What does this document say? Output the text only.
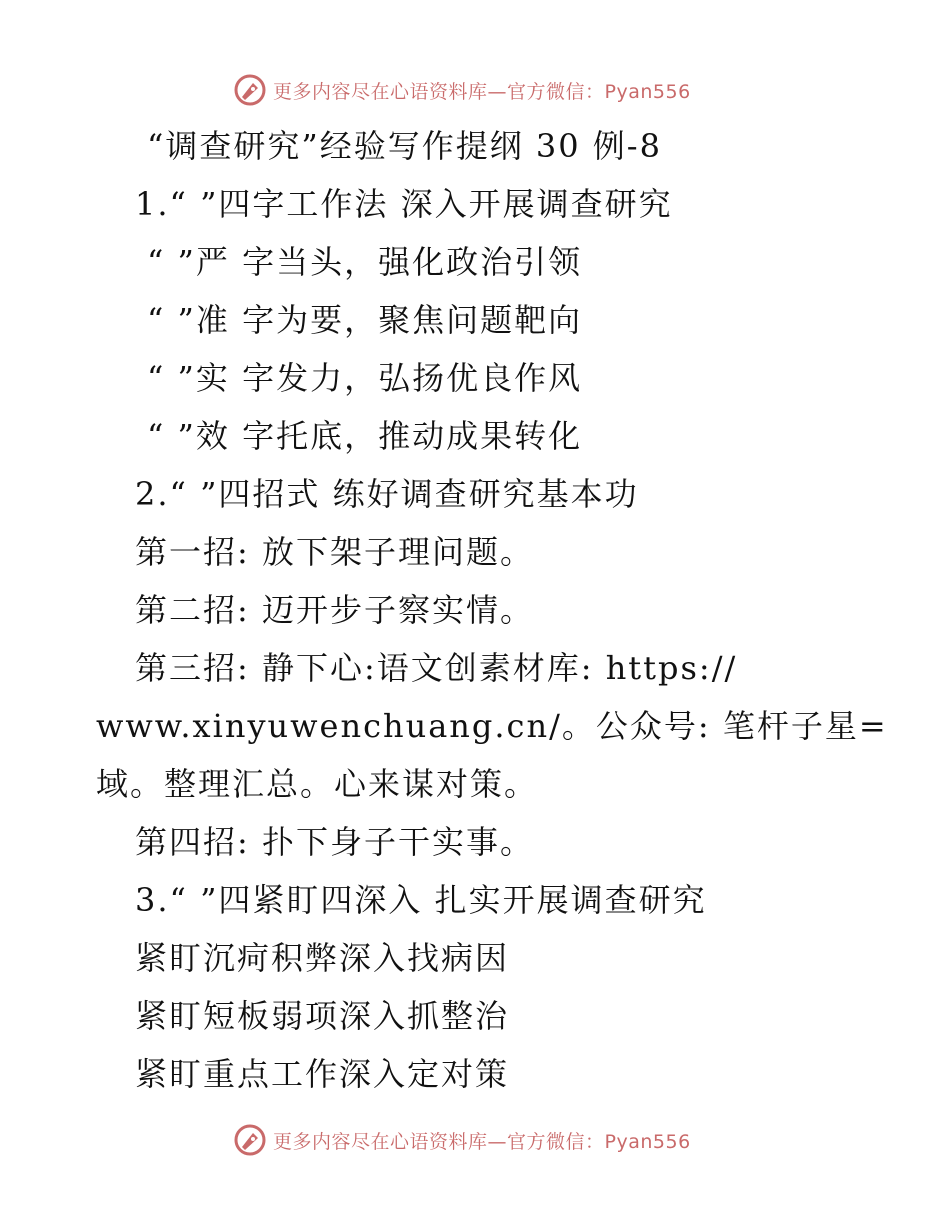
更多内容尽在心语资料库—官方微信：Pyan556
“调查研究”经验写作提纲 30 例-8
1.“ ”四字工作法 深入开展调查研究
“ ”严 字当头，强化政治引领
“ ”准 字为要，聚焦问题靶向
“ ”实 字发力，弘扬优良作风
“ ”效 字托底，推动成果转化
2.“ ”四招式 练好调查研究基本功
第一招: 放下架子理问题。
第二招: 迈开步子察实情。
第三招: 静下心:语文创素材库: https://
www.xinyuwenchuang.cn/。公众号: 笔杆子星=
域。整理汇总。心来谋对策。
第四招: 扑下身子干实事。
3.“ ”四紧盯四深入 扎实开展调查研究
紧盯沉疴积弊深入找病因
紧盯短板弱项深入抓整治
紧盯重点工作深入定对策
更多内容尽在心语资料库—官方微信：Pyan556
